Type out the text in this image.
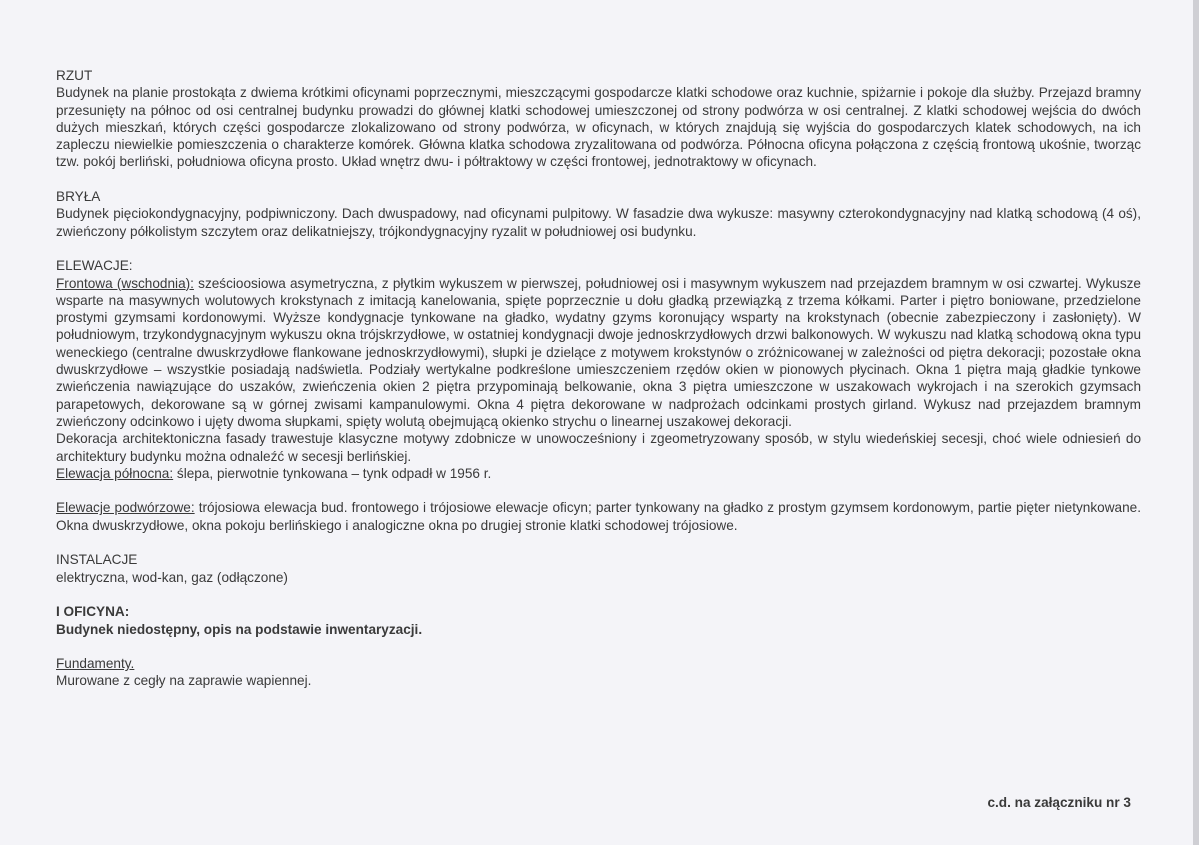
RZUT

Budynek na planie prostokąta z dwiema krótkimi oficynami poprzecznymi, mieszczącymi gospodarcze klatki schodowe oraz kuchnie, spiżarnie i pokoje dla służby. Przejazd bramny przesunięty na północ od osi centralnej budynku prowadzi do głównej klatki schodowej umieszczonej od strony podwórza w osi centralnej. Z klatki schodowej wejścia do dwóch dużych mieszkań, których części gospodarcze zlokalizowano od strony podwórza, w oficynach, w których znajdują się wyjścia do gospodarczych klatek schodowych, na ich zapleczu niewielkie pomieszczenia o charakterze komórek. Główna klatka schodowa zryzalitowana od podwórza. Północna oficyna połączona z częścią frontową ukośnie, tworząc tzw. pokój berliński, południowa oficyna prosto. Układ wnętrz dwu- i półtraktowy w części frontowej, jednotraktowy w oficynach.

BRYŁA

Budynek pięciokondygnacyjny, podpiwniczony. Dach dwuspadowy, nad oficynami pulpitowy. W fasadzie dwa wykusze: masywny czterokondygnacyjny nad klatką schodową (4 oś), zwieńczony półkolistym szczytem oraz delikatniejszy, trójkondygnacyjny ryzalit w południowej osi budynku.

ELEWACJE:

Frontowa (wschodnia): sześcioosiowa asymetryczna, z płytkim wykuszem w pierwszej, południowej osi i masywnym wykuszem nad przejazdem bramnym w osi czwartej. Wykusze wsparte na masywnych wolutowych krokstynach z imitacją kanelowania, spięte poprzecznie u dołu gładką przewiązką z trzema kółkami. Parter i piętro boniowane, przedzielone prostymi gzymsami kordonowymi. Wyższe kondygnacje tynkowane na gładko, wydatny gzyms koronujący wsparty na krokstynach (obecnie zabezpieczony i zasłonięty). W południowym, trzykondygnacyjnym wykuszu okna trójskrzydłowe, w ostatniej kondygnacji dwoje jednoskrzydłowych drzwi balkonowych. W wykuszu nad klatką schodową okna typu weneckiego (centralne dwuskrzydłowe flankowane jednoskrzydłowymi), słupki je dzielące z motywem krokstynów o zróżnicowanej w zależności od piętra dekoracji; pozostałe okna dwuskrzydłowe – wszystkie posiadają nadświetla. Podziały wertykalne podkreślone umieszczeniem rzędów okien w pionowych płycinach. Okna 1 piętra mają gładkie tynkowe zwieńczenia nawiązujące do uszaków, zwieńczenia okien 2 piętra przypominają belkowanie, okna 3 piętra umieszczone w uszakowach wykrojach i na szerokich gzymsach parapetowych, dekorowane są w górnej zwisami kampanulowymi. Okna 4 piętra dekorowane w nadprożach odcinkami prostych girland. Wykusz nad przejazdem bramnym zwieńczony odcinkowo i ujęty dwoma słupkami, spięty wolutą obejmującą okienko strychu o linearnej uszakowej dekoracji.

Dekoracja architektoniczna fasady trawestuje klasyczne motywy zdobnicze w unowocześniony i zgeometryzowany sposób, w stylu wiedeńskiej secesji, choć wiele odniesień do architektury budynku można odnaleźć w secesji berlińskiej.

Elewacja północna: ślepa, pierwotnie tynkowana – tynk odpadł w 1956 r.

Elewacje podwórzowe: trójosiowa elewacja bud. frontowego i trójosiowe elewacje oficyn; parter tynkowany na gładko z prostym gzymsem kordonowym, partie pięter nietynkowane. Okna dwuskrzydłowe, okna pokoju berlińskiego i analogiczne okna po drugiej stronie klatki schodowej trójosiowe.

INSTALACJE

elektryczna, wod-kan, gaz (odłączone)

I OFICYNA:

Budynek niedostępny, opis na podstawie inwentaryzacji.

Fundamenty.

Murowane z cegły na zaprawie wapiennej.

c.d. na załączniku nr 3
